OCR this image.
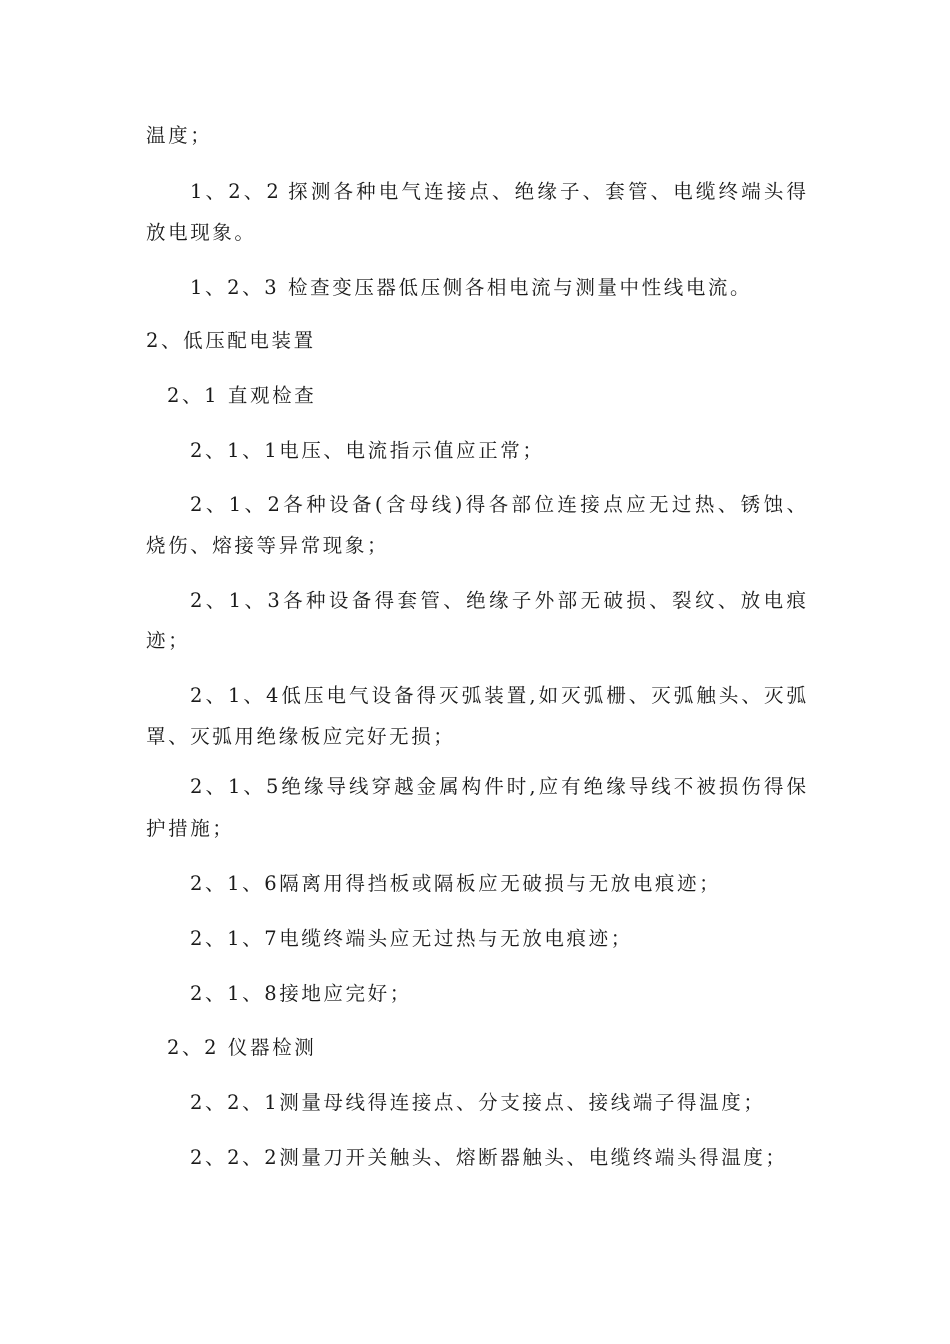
温度；
1、2、2 探测各种电气连接点、绝缘子、套管、电缆终端头得
放电现象。
1、2、3 检查变压器低压侧各相电流与测量中性线电流。
2、低压配电装置
2、1 直观检查
2、1、1电压、电流指示值应正常；
2、1、2各种设备(含母线)得各部位连接点应无过热、锈蚀、
烧伤、熔接等异常现象；
2、1、3各种设备得套管、绝缘子外部无破损、裂纹、放电痕
迹；
2、1、4低压电气设备得灭弧装置,如灭弧栅、灭弧触头、灭弧
罩、灭弧用绝缘板应完好无损；
2、1、5绝缘导线穿越金属构件时,应有绝缘导线不被损伤得保
护措施；
2、1、6隔离用得挡板或隔板应无破损与无放电痕迹；
2、1、7电缆终端头应无过热与无放电痕迹；
2、1、8接地应完好；
2、2 仪器检测
2、2、1测量母线得连接点、分支接点、接线端子得温度；
2、2、2测量刀开关触头、熔断器触头、电缆终端头得温度；
